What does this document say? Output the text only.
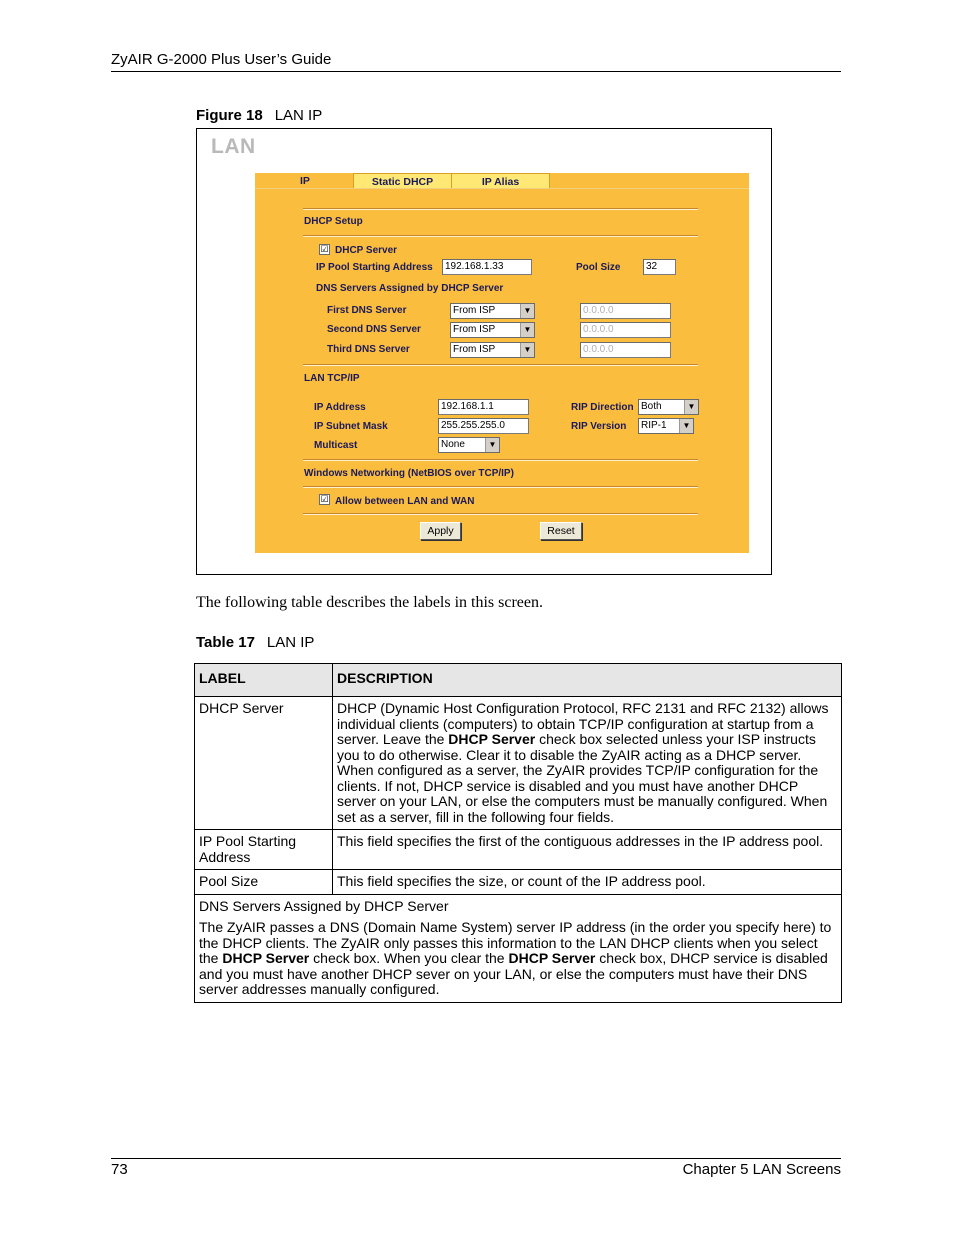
ZyAIR G-2000 Plus User’s Guide
Figure 18 LAN IP
LAN
IP	Static DHCP	IP Alias
DHCP Setup
☑ DHCP Server
IP Pool Starting Address	192.168.1.33	Pool Size	32
DNS Servers Assigned by DHCP Server
First DNS Server	From ISP	▼	0.0.0.0
Second DNS Server	From ISP	▼	0.0.0.0
Third DNS Server	From ISP	▼	0.0.0.0
LAN TCP/IP
IP Address	192.168.1.1	RIP Direction Both	▼
IP Subnet Mask	255.255.255.0	RIP Version	RIP-1	▼
Multicast	None	▼
Windows Networking (NetBIOS over TCP/IP)
☑ Allow between LAN and WAN
Apply	Reset
The following table describes the labels in this screen.
Table 17 LAN IP
LABEL	DESCRIPTION
DHCP Server	DHCP (Dynamic Host Configuration Protocol, RFC 2131 and RFC 2132) allows individual clients (computers) to obtain TCP/IP configuration at startup from a server. Leave the DHCP Server check box selected unless your ISP instructs you to do otherwise. Clear it to disable the ZyAIR acting as a DHCP server. When configured as a server, the ZyAIR provides TCP/IP configuration for the clients. If not, DHCP service is disabled and you must have another DHCP server on your LAN, or else the computers must be manually configured. When set as a server, fill in the following four fields.
IP Pool Starting Address	This field specifies the first of the contiguous addresses in the IP address pool.
Pool Size	This field specifies the size, or count of the IP address pool.

DNS Servers Assigned by DHCP Server

The ZyAIR passes a DNS (Domain Name System) server IP address (in the order you specify here) to the DHCP clients. The ZyAIR only passes this information to the LAN DHCP clients when you select the DHCP Server check box. When you clear the DHCP Server check box, DHCP service is disabled and you must have another DHCP sever on your LAN, or else the computers must have their DNS server addresses manually configured.	

73	Chapter 5 LAN Screens
